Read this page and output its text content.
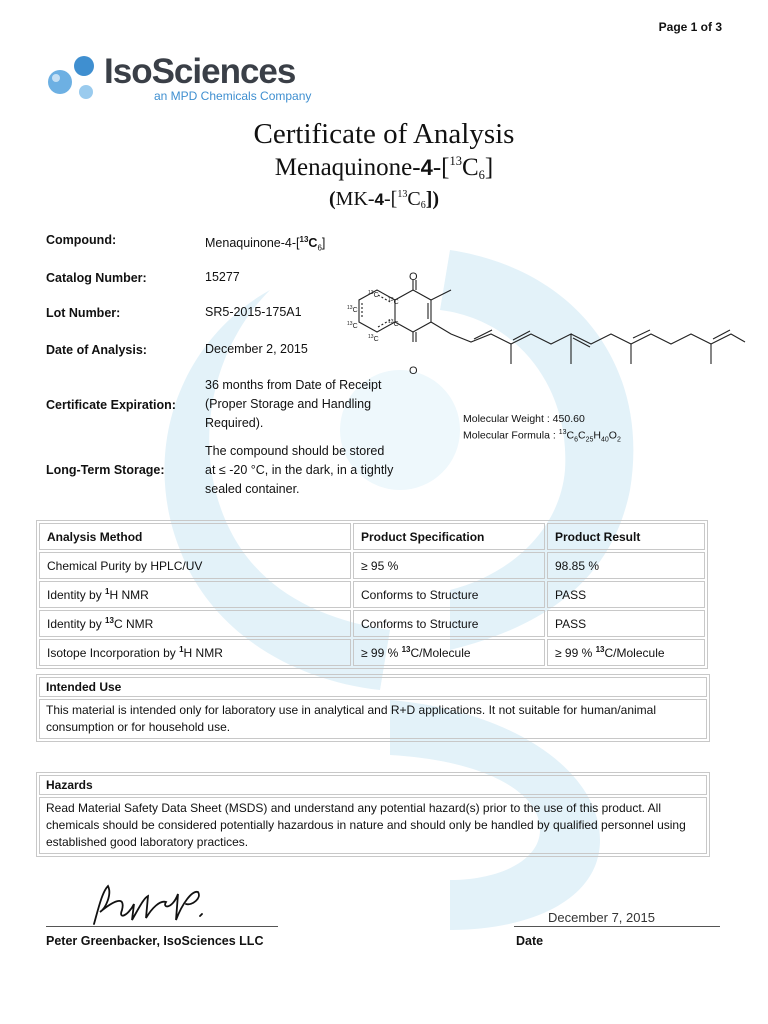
Page 1 of 3
IsoSciences
an MPD Chemicals Company
Certificate of Analysis
Menaquinone-$4-[^{13}C_6]$
$(MK-4-[^{13}C_6])$
Compound:	Menaquinone-$4-[^{13}C_6]$
Catalog Number:	15277
Lot Number:	SR5-2015-175A1
Date of Analysis:	December 2, 2015
Certificate Expiration:
36 months from Date of Receipt (Proper Storage and Handling Required).
Long-Term Storage:
The compound should be stored at ≤ -20 °C, in the dark, in a tightly sealed container.
O
O
$^{13}$C
$^{13}$C
$^{13}$C
$^{13}$C
$^{13}$C
$^{13}$C
Molecular Weight : 450.60
Molecular Formula : $^{13}C_6C_{25}H_{40}O_2$
Analysis Method	Product Specification	Product Result
Chemical Purity by HPLC/UV	≥ 95 %	98.85 %
Identity by $^1$H NMR	Conforms to Structure	PASS
Identity by $^{13}$C NMR	Conforms to Structure	PASS
Isotope Incorporation by $^1$H NMR	≥ 99 % $^{13}$C/Molecule	≥ 99 % $^{13}$C/Molecule
Intended Use
This material is intended only for laboratory use in analytical and R+D applications. It not suitable for human/animal consumption or for household use.
Hazards
Read Material Safety Data Sheet (MSDS) and understand any potential hazard(s) prior to the use of this product. All chemicals should be considered potentially hazardous in nature and should only be handled by qualified personnel using established good laboratory practices.
Peter Greenbacker, IsoSciences LLC
December 7, 2015
Date
